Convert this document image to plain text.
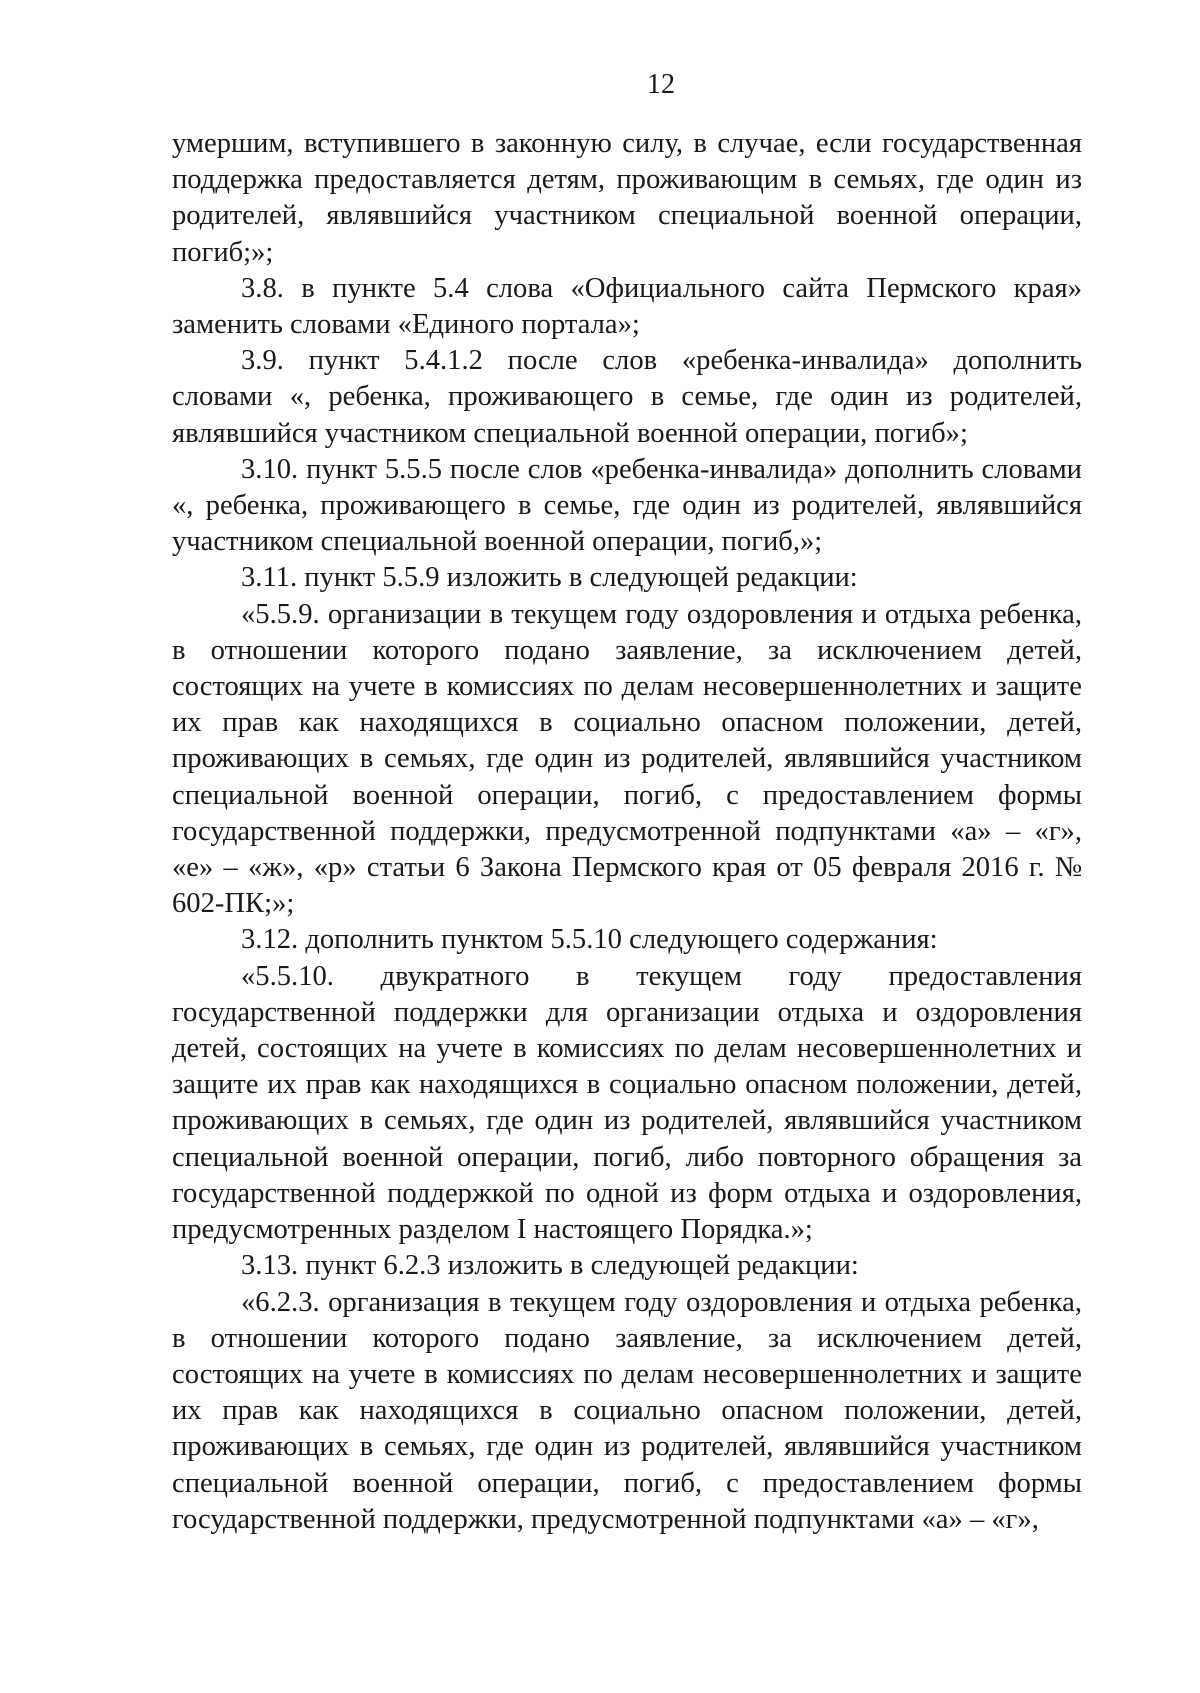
12

умершим, вступившего в законную силу, в случае, если государственная поддержка предоставляется детям, проживающим в семьях, где один из родителей, являвшийся участником специальной военной операции, погиб;»;

3.8. в пункте 5.4 слова «Официального сайта Пермского края» заменить словами «Единого портала»;

3.9. пункт 5.4.1.2 после слов «ребенка-инвалида» дополнить словами «, ребенка, проживающего в семье, где один из родителей, являвшийся участником специальной военной операции, погиб»;

3.10. пункт 5.5.5 после слов «ребенка-инвалида» дополнить словами «, ребенка, проживающего в семье, где один из родителей, являвшийся участником специальной военной операции, погиб,»;

3.11. пункт 5.5.9 изложить в следующей редакции:

«5.5.9. организации в текущем году оздоровления и отдыха ребенка, в отношении которого подано заявление, за исключением детей, состоящих на учете в комиссиях по делам несовершеннолетних и защите их прав как находящихся в социально опасном положении, детей, проживающих в семьях, где один из родителей, являвшийся участником специальной военной операции, погиб, с предоставлением формы государственной поддержки, предусмотренной подпунктами «а» – «г», «е» – «ж», «р» статьи 6 Закона Пермского края от 05 февраля 2016 г. № 602-ПК;»;

3.12. дополнить пунктом 5.5.10 следующего содержания:

«5.5.10. двукратного в текущем году предоставления государственной поддержки для организации отдыха и оздоровления детей, состоящих на учете в комиссиях по делам несовершеннолетних и защите их прав как находящихся в социально опасном положении, детей, проживающих в семьях, где один из родителей, являвшийся участником специальной военной операции, погиб, либо повторного обращения за государственной поддержкой по одной из форм отдыха и оздоровления, предусмотренных разделом I настоящего Порядка.»;

3.13. пункт 6.2.3 изложить в следующей редакции:

«6.2.3. организация в текущем году оздоровления и отдыха ребенка, в отношении которого подано заявление, за исключением детей, состоящих на учете в комиссиях по делам несовершеннолетних и защите их прав как находящихся в социально опасном положении, детей, проживающих в семьях, где один из родителей, являвшийся участником специальной военной операции, погиб, с предоставлением формы государственной поддержки, предусмотренной подпунктами «а» – «г»,
